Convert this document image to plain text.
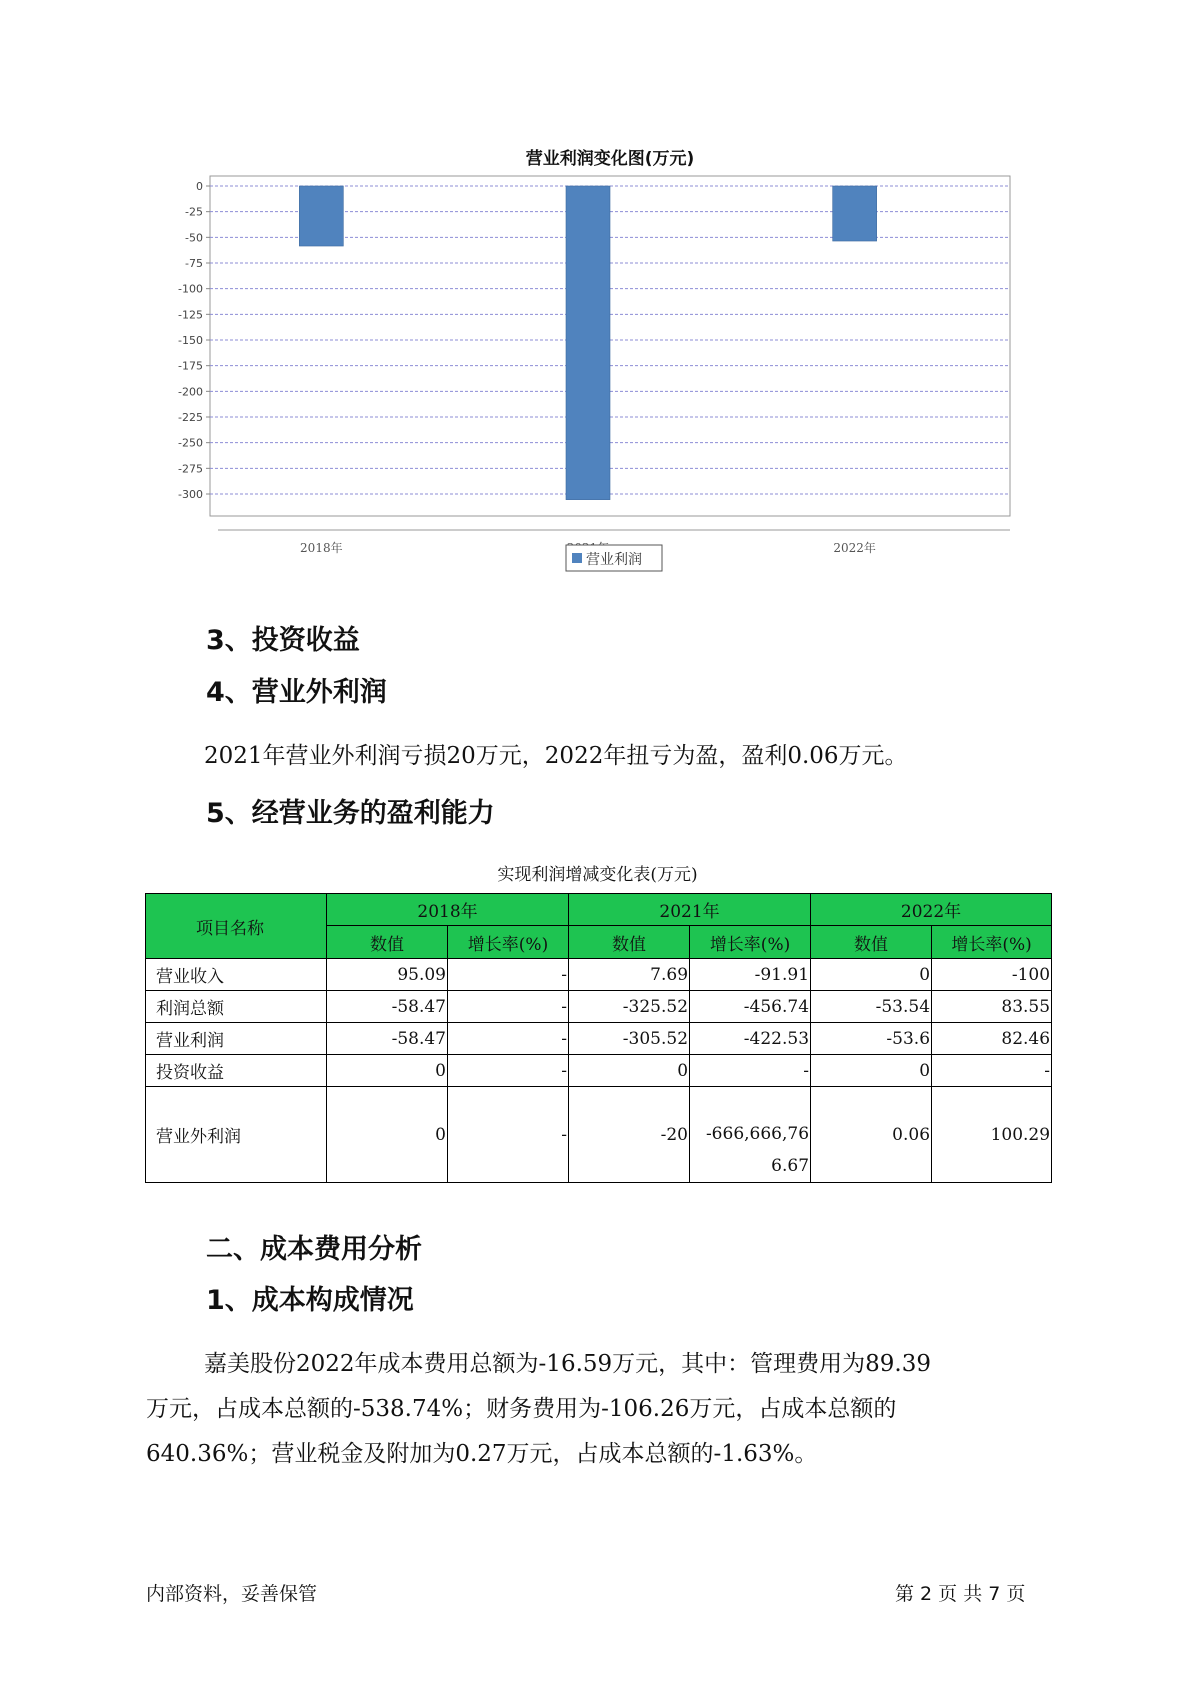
营业利润变化图(万元)
0
-25
-50
-75
-100
-125
-150
-175
-200
-225
-250
-275
-300
2018年	2022年
营业利润
3、投资收益
4、营业外利润

2021年营业外利润亏损20万元，2022年扭亏为盈，盈利0.06万元。

5、经营业务的盈利能力
实现利润增减变化表(万元)
项目名称	2018年		2021年		2022年	
	数值	增长率(%)	数值	增长率(%)	数值	增长率(%)
营业收入	95.09	-	7.69	-91.91	0	-100
利润总额	-58.47	-	-325.52	-456.74	-53.54	83.55
营业利润	-58.47	-	-305.52	-422.53	-53.6	82.46
投资收益	0	-	0	-	0	-
营业外利润	0	-	-20	-666,666,766.67	0.06	100.29
二、成本费用分析
1、成本构成情况

嘉美股份2022年成本费用总额为-16.59万元，其中：管理费用为89.39

万元，占成本总额的-538.74%；财务费用为-106.26万元，占成本总额的

640.36%；营业税金及附加为0.27万元，占成本总额的-1.63%。

内部资料，妥善保管	第 2 页 共 7 页
